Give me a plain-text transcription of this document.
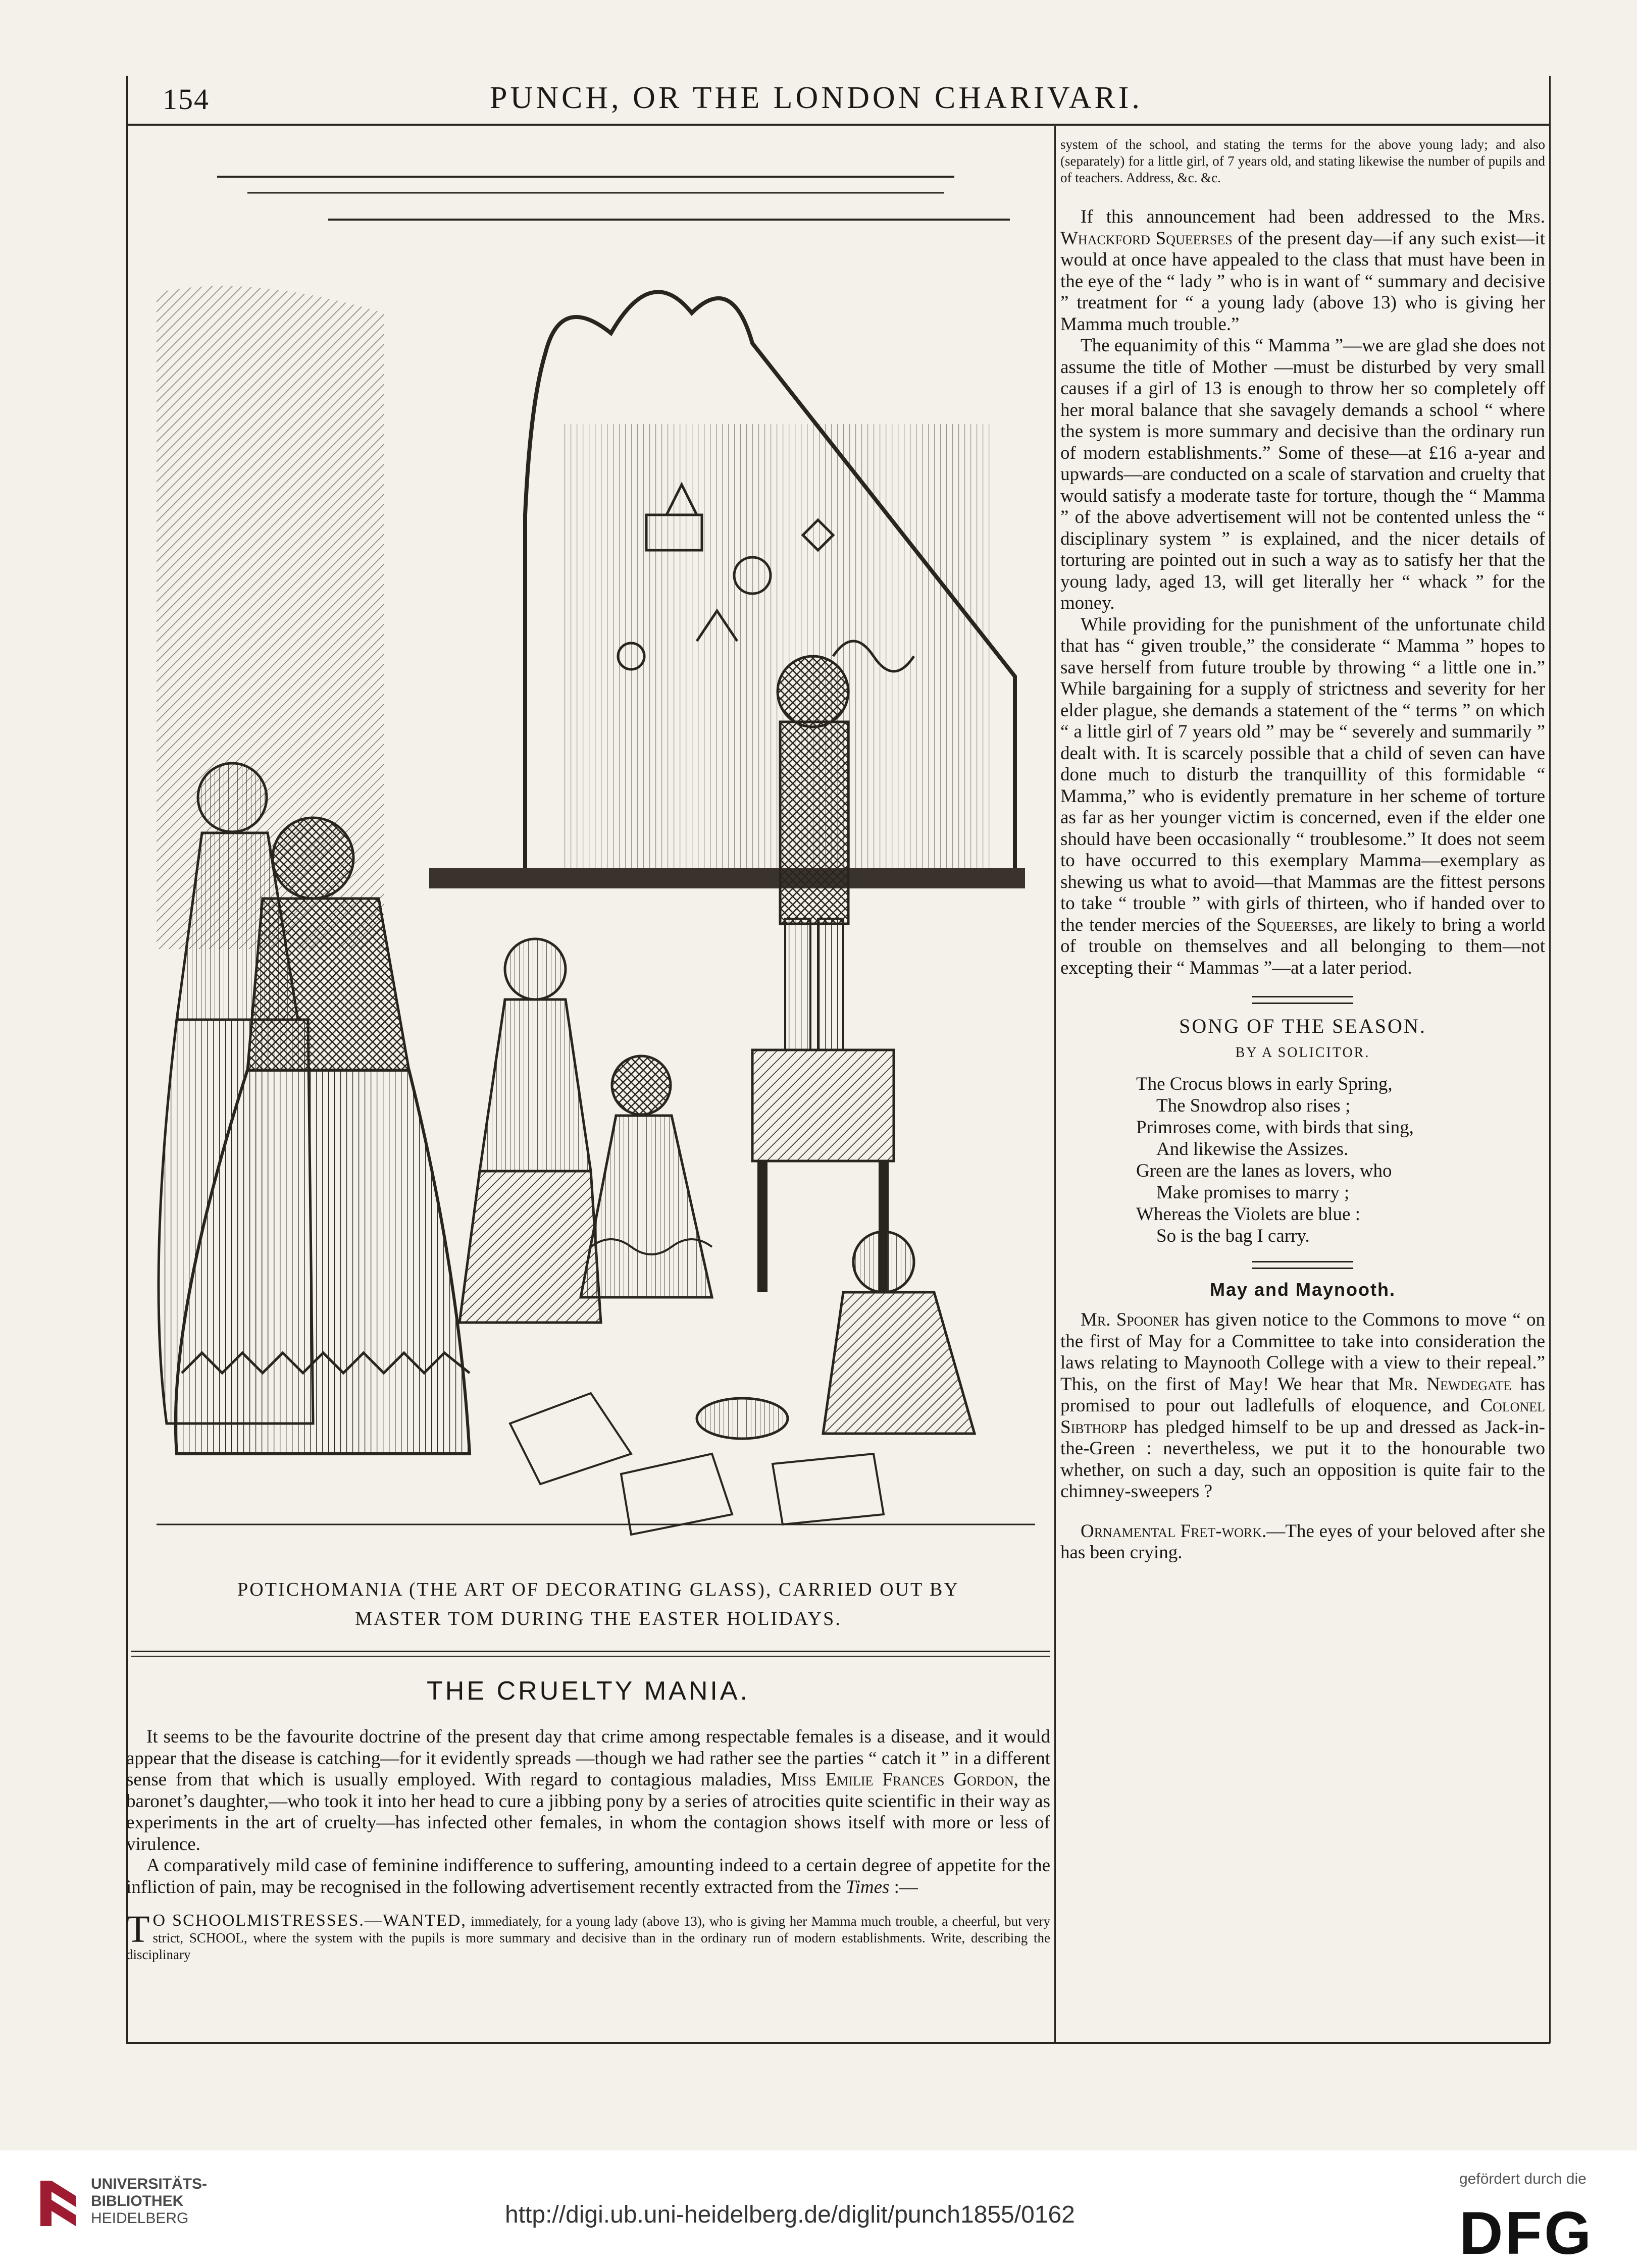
154	PUNCH, OR THE LONDON CHARIVARI.
POTICHOMANIA (THE ART OF DECORATING GLASS), CARRIED OUT BY
MASTER TOM DURING THE EASTER HOLIDAYS.
system of the school, and stating the terms for the above young lady; and also (separately) for a little girl, of 7 years old, and stating likewise the number of pupils and of teachers. Address, &c. &c.

If this announcement had been addressed to the Mrs. Whackford Squeerses of the present day—if any such exist—it would at once have appealed to the class that must have been in the eye of the “ lady ” who is in want of “ summary and decisive ” treatment for “ a young lady (above 13) who is giving her Mamma much trouble.”

The equanimity of this “ Mamma ”—we are glad she does not assume the title of Mother —must be disturbed by very small causes if a girl of 13 is enough to throw her so completely off her moral balance that she savagely demands a school “ where the system is more summary and decisive than the ordinary run of modern establishments.” Some of these—at £16 a-year and upwards—are conducted on a scale of starvation and cruelty that would satisfy a moderate taste for torture, though the “ Mamma ” of the above advertisement will not be contented unless the “ disciplinary system ” is explained, and the nicer details of torturing are pointed out in such a way as to satisfy her that the young lady, aged 13, will get literally her “ whack ” for the money.

While providing for the punishment of the unfortunate child that has “ given trouble,” the considerate “ Mamma ” hopes to save herself from future trouble by throwing “ a little one in.” While bargaining for a supply of strictness and severity for her elder plague, she demands a statement of the “ terms ” on which “ a little girl of 7 years old ” may be “ severely and summarily ” dealt with. It is scarcely possible that a child of seven can have done much to disturb the tranquillity of this formidable “ Mamma,” who is evidently premature in her scheme of torture as far as her younger victim is concerned, even if the elder one should have been occasionally “ troublesome.” It does not seem to have occurred to this exemplary Mamma—exemplary as shewing us what to avoid—that Mammas are the fittest persons to take “ trouble ” with girls of thirteen, who if handed over to the tender mercies of the Squeerses, are likely to bring a world of trouble on themselves and all belonging to them—not excepting their “ Mammas ”—at a later period.

SONG OF THE SEASON.
BY A SOLICITOR.
The Crocus blows in early Spring,
The Snowdrop also rises ;
Primroses come, with birds that sing,
And likewise the Assizes.
Green are the lanes as lovers, who
Make promises to marry ;
Whereas the Violets are blue :
So is the bag I carry.
May and Maynooth.

Mr. Spooner has given notice to the Commons to move “ on the first of May for a Committee to take into consideration the laws relating to Maynooth College with a view to their repeal.” This, on the first of May! We hear that Mr. Newdegate has promised to pour out ladlefulls of eloquence, and Colonel Sibthorp has pledged himself to be up and dressed as Jack-in-the-Green : nevertheless, we put it to the honourable two whether, on such a day, such an opposition is quite fair to the chimney-sweepers ?

Ornamental Fret-work.—The eyes of your beloved after she has been crying.

THE CRUELTY MANIA.

It seems to be the favourite doctrine of the present day that crime among respectable females is a disease, and it would appear that the disease is catching—for it evidently spreads —though we had rather see the parties “ catch it ” in a different sense from that which is usually employed. With regard to contagious maladies, Miss Emilie Frances Gordon, the baronet’s daughter,—who took it into her head to cure a jibbing pony by a series of atrocities quite scientific in their way as experiments in the art of cruelty—has infected other females, in whom the contagion shows itself with more or less of virulence.

A comparatively mild case of feminine indifference to suffering, amounting indeed to a certain degree of appetite for the infliction of pain, may be recognised in the following advertisement recently extracted from the Times :—

T O SCHOOLMISTRESSES.—WANTED, immediately, for a young lady (above 13), who is giving her Mamma much trouble, a cheerful, but very strict, SCHOOL, where the system with the pupils is more summary and decisive than in the ordinary run of modern establishments. Write, describing the disciplinary
UNIVERSITÄTS-
BIBLIOTHEK
HEIDELBERG	http://digi.ub.uni-heidelberg.de/diglit/punch1855/0162
gefördert durch die
DFG
